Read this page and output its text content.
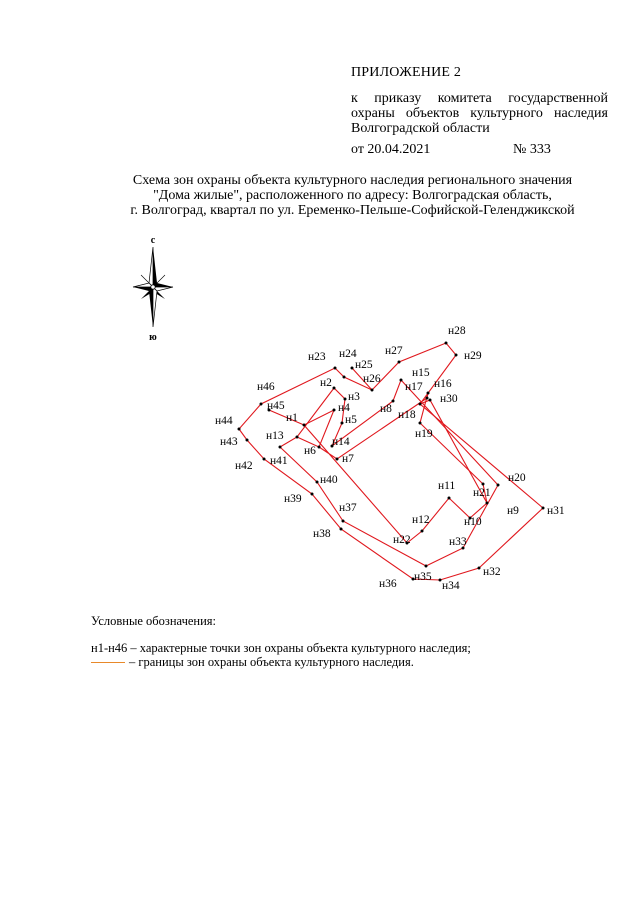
ПРИЛОЖЕНИЕ 2
к приказу комитета государственной
охраны объектов культурного наследия
Волгоградской области
от 20.04.2021	№ 333
Схема зон охраны объекта культурного наследия регионального значения
"Дома жилые", расположенного по адресу: Волгоградская область,
г. Волгоград, квартал по ул. Еременко-Пельше-Софийской-Геленджикской
с
ю
н1
н2
н3
н4
н5
н6
н7
н8
н9
н10
н11
н12
н13	н14
н15
н16
н17
н18
н19
н20
н21
н22
н23 н24
н25
н26
н27
н28
н29
н30
н31
н32
н33
н34
н35
н36
н37
н38
н39
н40
н41
н42
н43
н44
н45
н46
Условные обозначения:
н1-н46 – характерные точки зон охраны объекта культурного наследия;
– границы зон охраны объекта культурного наследия.
